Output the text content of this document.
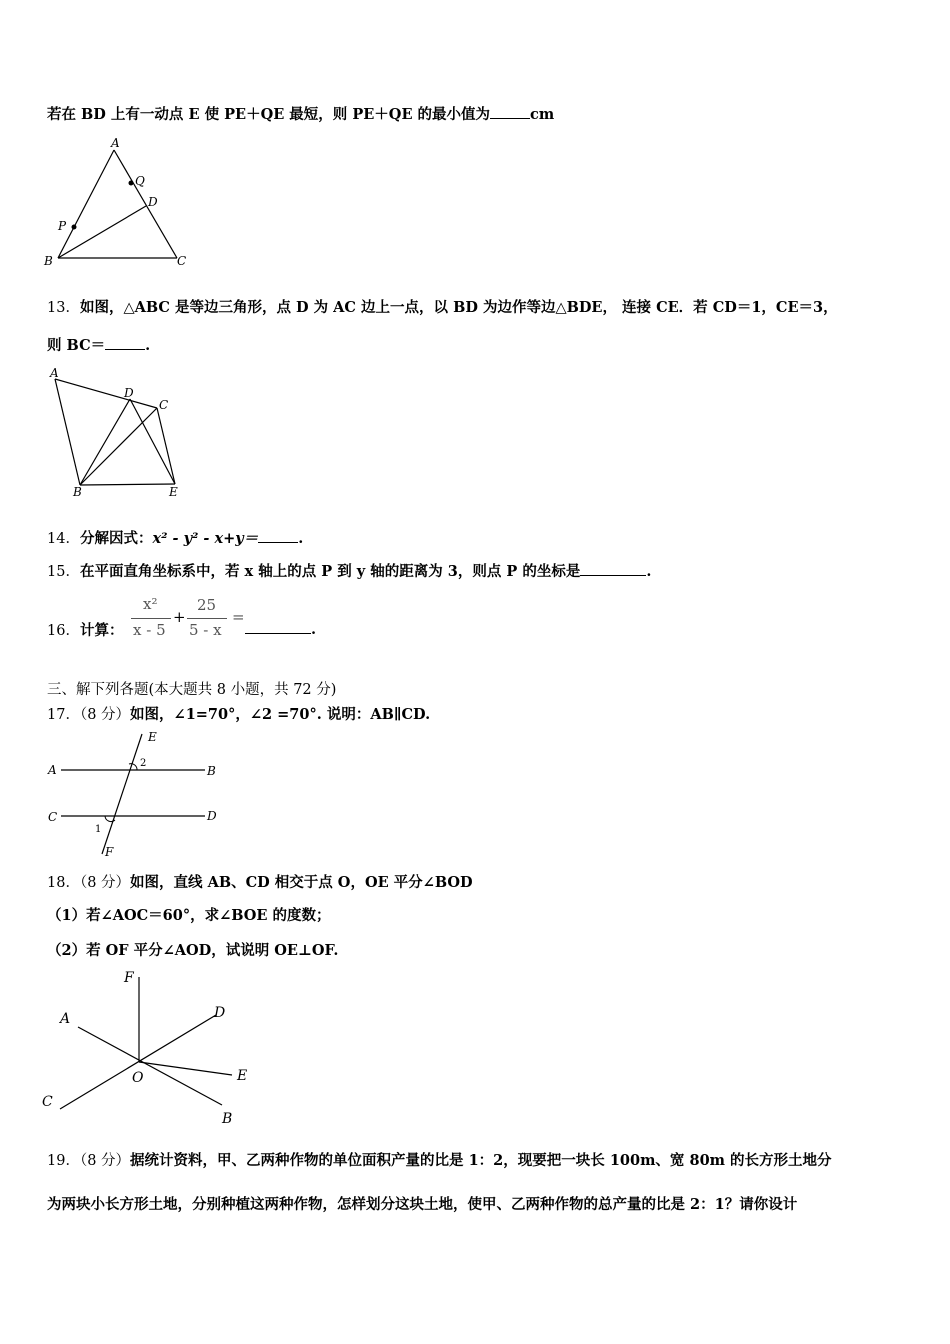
若在 BD 上有一动点 E 使 PE＋QE 最短，则 PE＋QE 的最小值为	cm
A
Q
D
P
B	C
13．如图，△ABC 是等边三角形，点 D 为 AC 边上一点，以 BD 为边作等边△BDE， 连接 CE．若 CD＝1，CE＝3，
则 BC＝	.
A
D
C
B	E
14．分解因式：x² - y² - x+y＝	.
15．在平面直角坐标系中，若 x 轴上的点 P 到 y 轴的距离为 3，则点 P 的坐标是	.
16．计算：
x²
x - 5
+
25
5 - x
=
.
三、解下列各题(本大题共 8 小题，共 72 分)
17．（8 分）如图，∠1=70°，∠2 =70°. 说明：AB∥CD.
E
A	2
B
C	D
1
F
18．（8 分）如图，直线 AB、CD 相交于点 O，OE 平分∠BOD
（1）若∠AOC＝60°，求∠BOE 的度数；
（2）若 OF 平分∠AOD，试说明 OE⊥OF.
F
D
A
O	E
C
B
19．（8 分）据统计资料，甲、乙两种作物的单位面积产量的比是 1：2，现要把一块长 100m、宽 80m 的长方形土地分
为两块小长方形土地，分别种植这两种作物，怎样划分这块土地，使甲、乙两种作物的总产量的比是 2：1？请你设计
